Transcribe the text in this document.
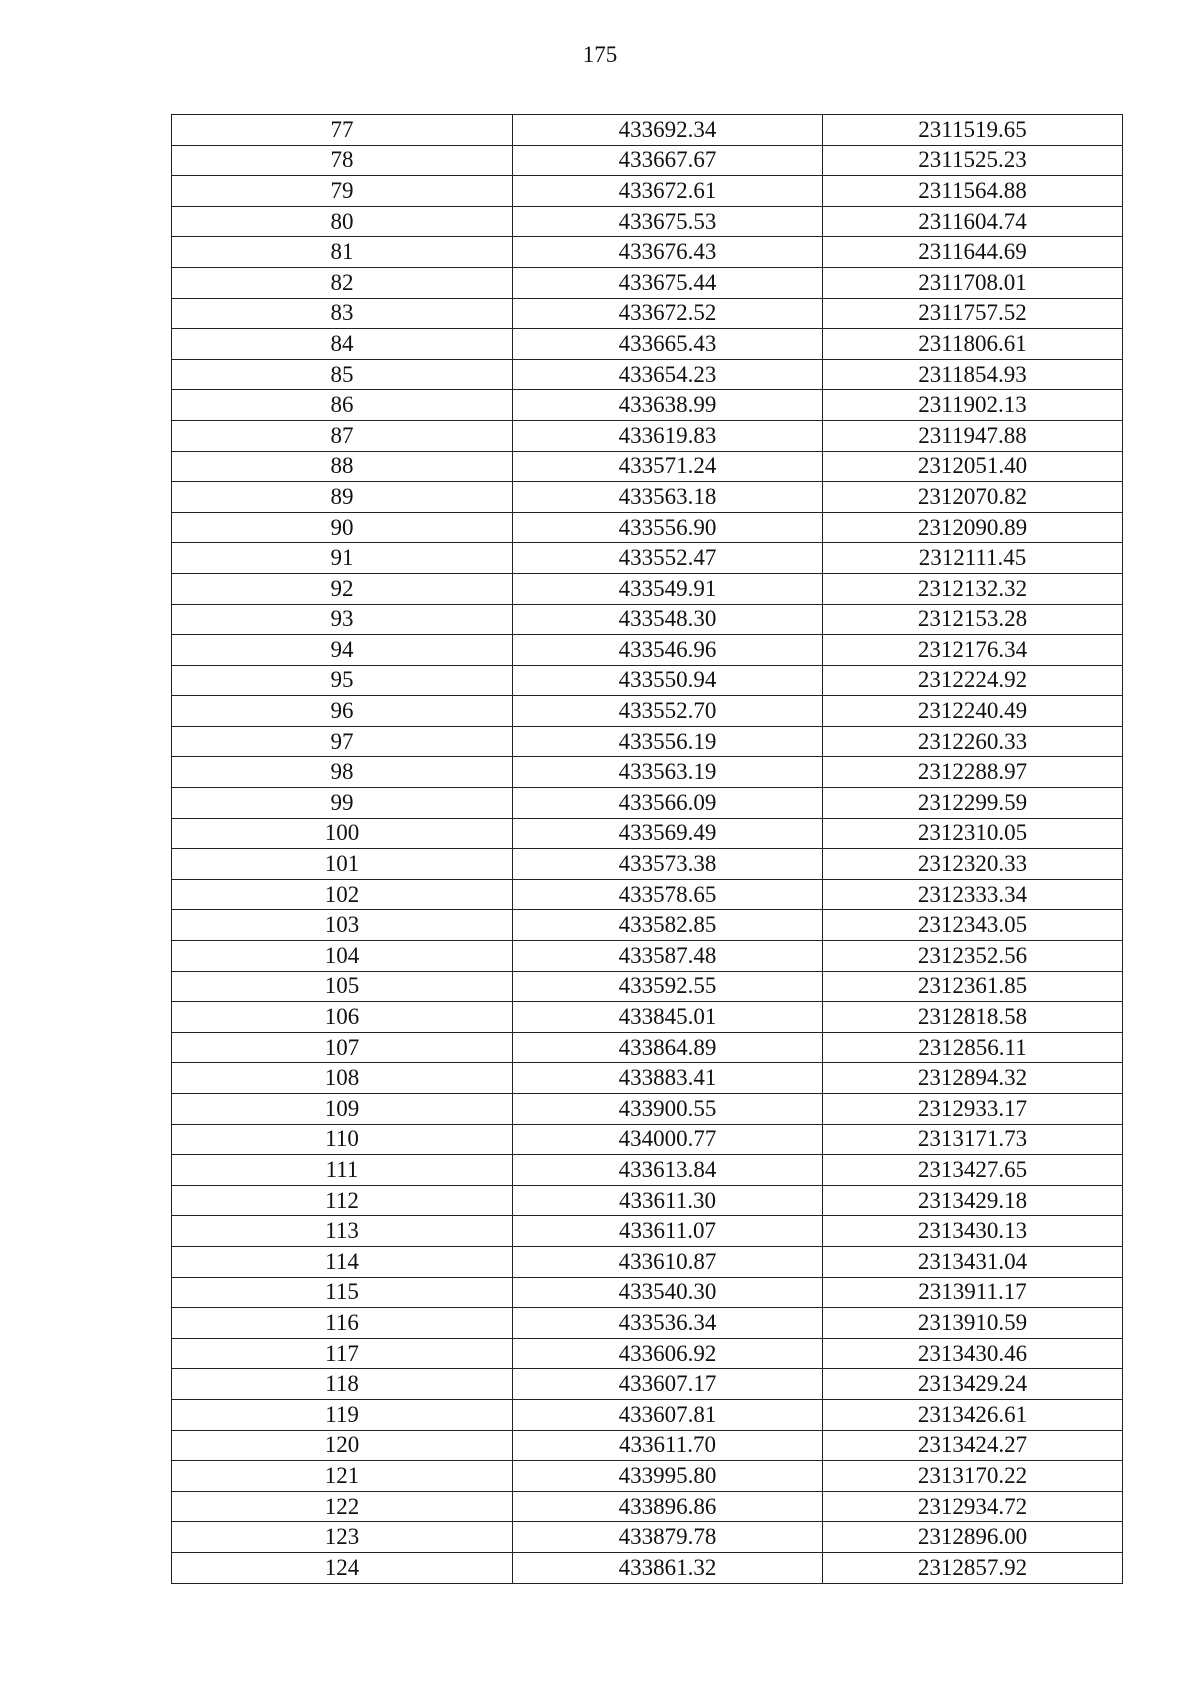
175
77	433692.34	2311519.65
78	433667.67	2311525.23
79	433672.61	2311564.88
80	433675.53	2311604.74
81	433676.43	2311644.69
82	433675.44	2311708.01
83	433672.52	2311757.52
84	433665.43	2311806.61
85	433654.23	2311854.93
86	433638.99	2311902.13
87	433619.83	2311947.88
88	433571.24	2312051.40
89	433563.18	2312070.82
90	433556.90	2312090.89
91	433552.47	2312111.45
92	433549.91	2312132.32
93	433548.30	2312153.28
94	433546.96	2312176.34
95	433550.94	2312224.92
96	433552.70	2312240.49
97	433556.19	2312260.33
98	433563.19	2312288.97
99	433566.09	2312299.59
100	433569.49	2312310.05
101	433573.38	2312320.33
102	433578.65	2312333.34
103	433582.85	2312343.05
104	433587.48	2312352.56
105	433592.55	2312361.85
106	433845.01	2312818.58
107	433864.89	2312856.11
108	433883.41	2312894.32
109	433900.55	2312933.17
110	434000.77	2313171.73
111	433613.84	2313427.65
112	433611.30	2313429.18
113	433611.07	2313430.13
114	433610.87	2313431.04
115	433540.30	2313911.17
116	433536.34	2313910.59
117	433606.92	2313430.46
118	433607.17	2313429.24
119	433607.81	2313426.61
120	433611.70	2313424.27
121	433995.80	2313170.22
122	433896.86	2312934.72
123	433879.78	2312896.00
124	433861.32	2312857.92
